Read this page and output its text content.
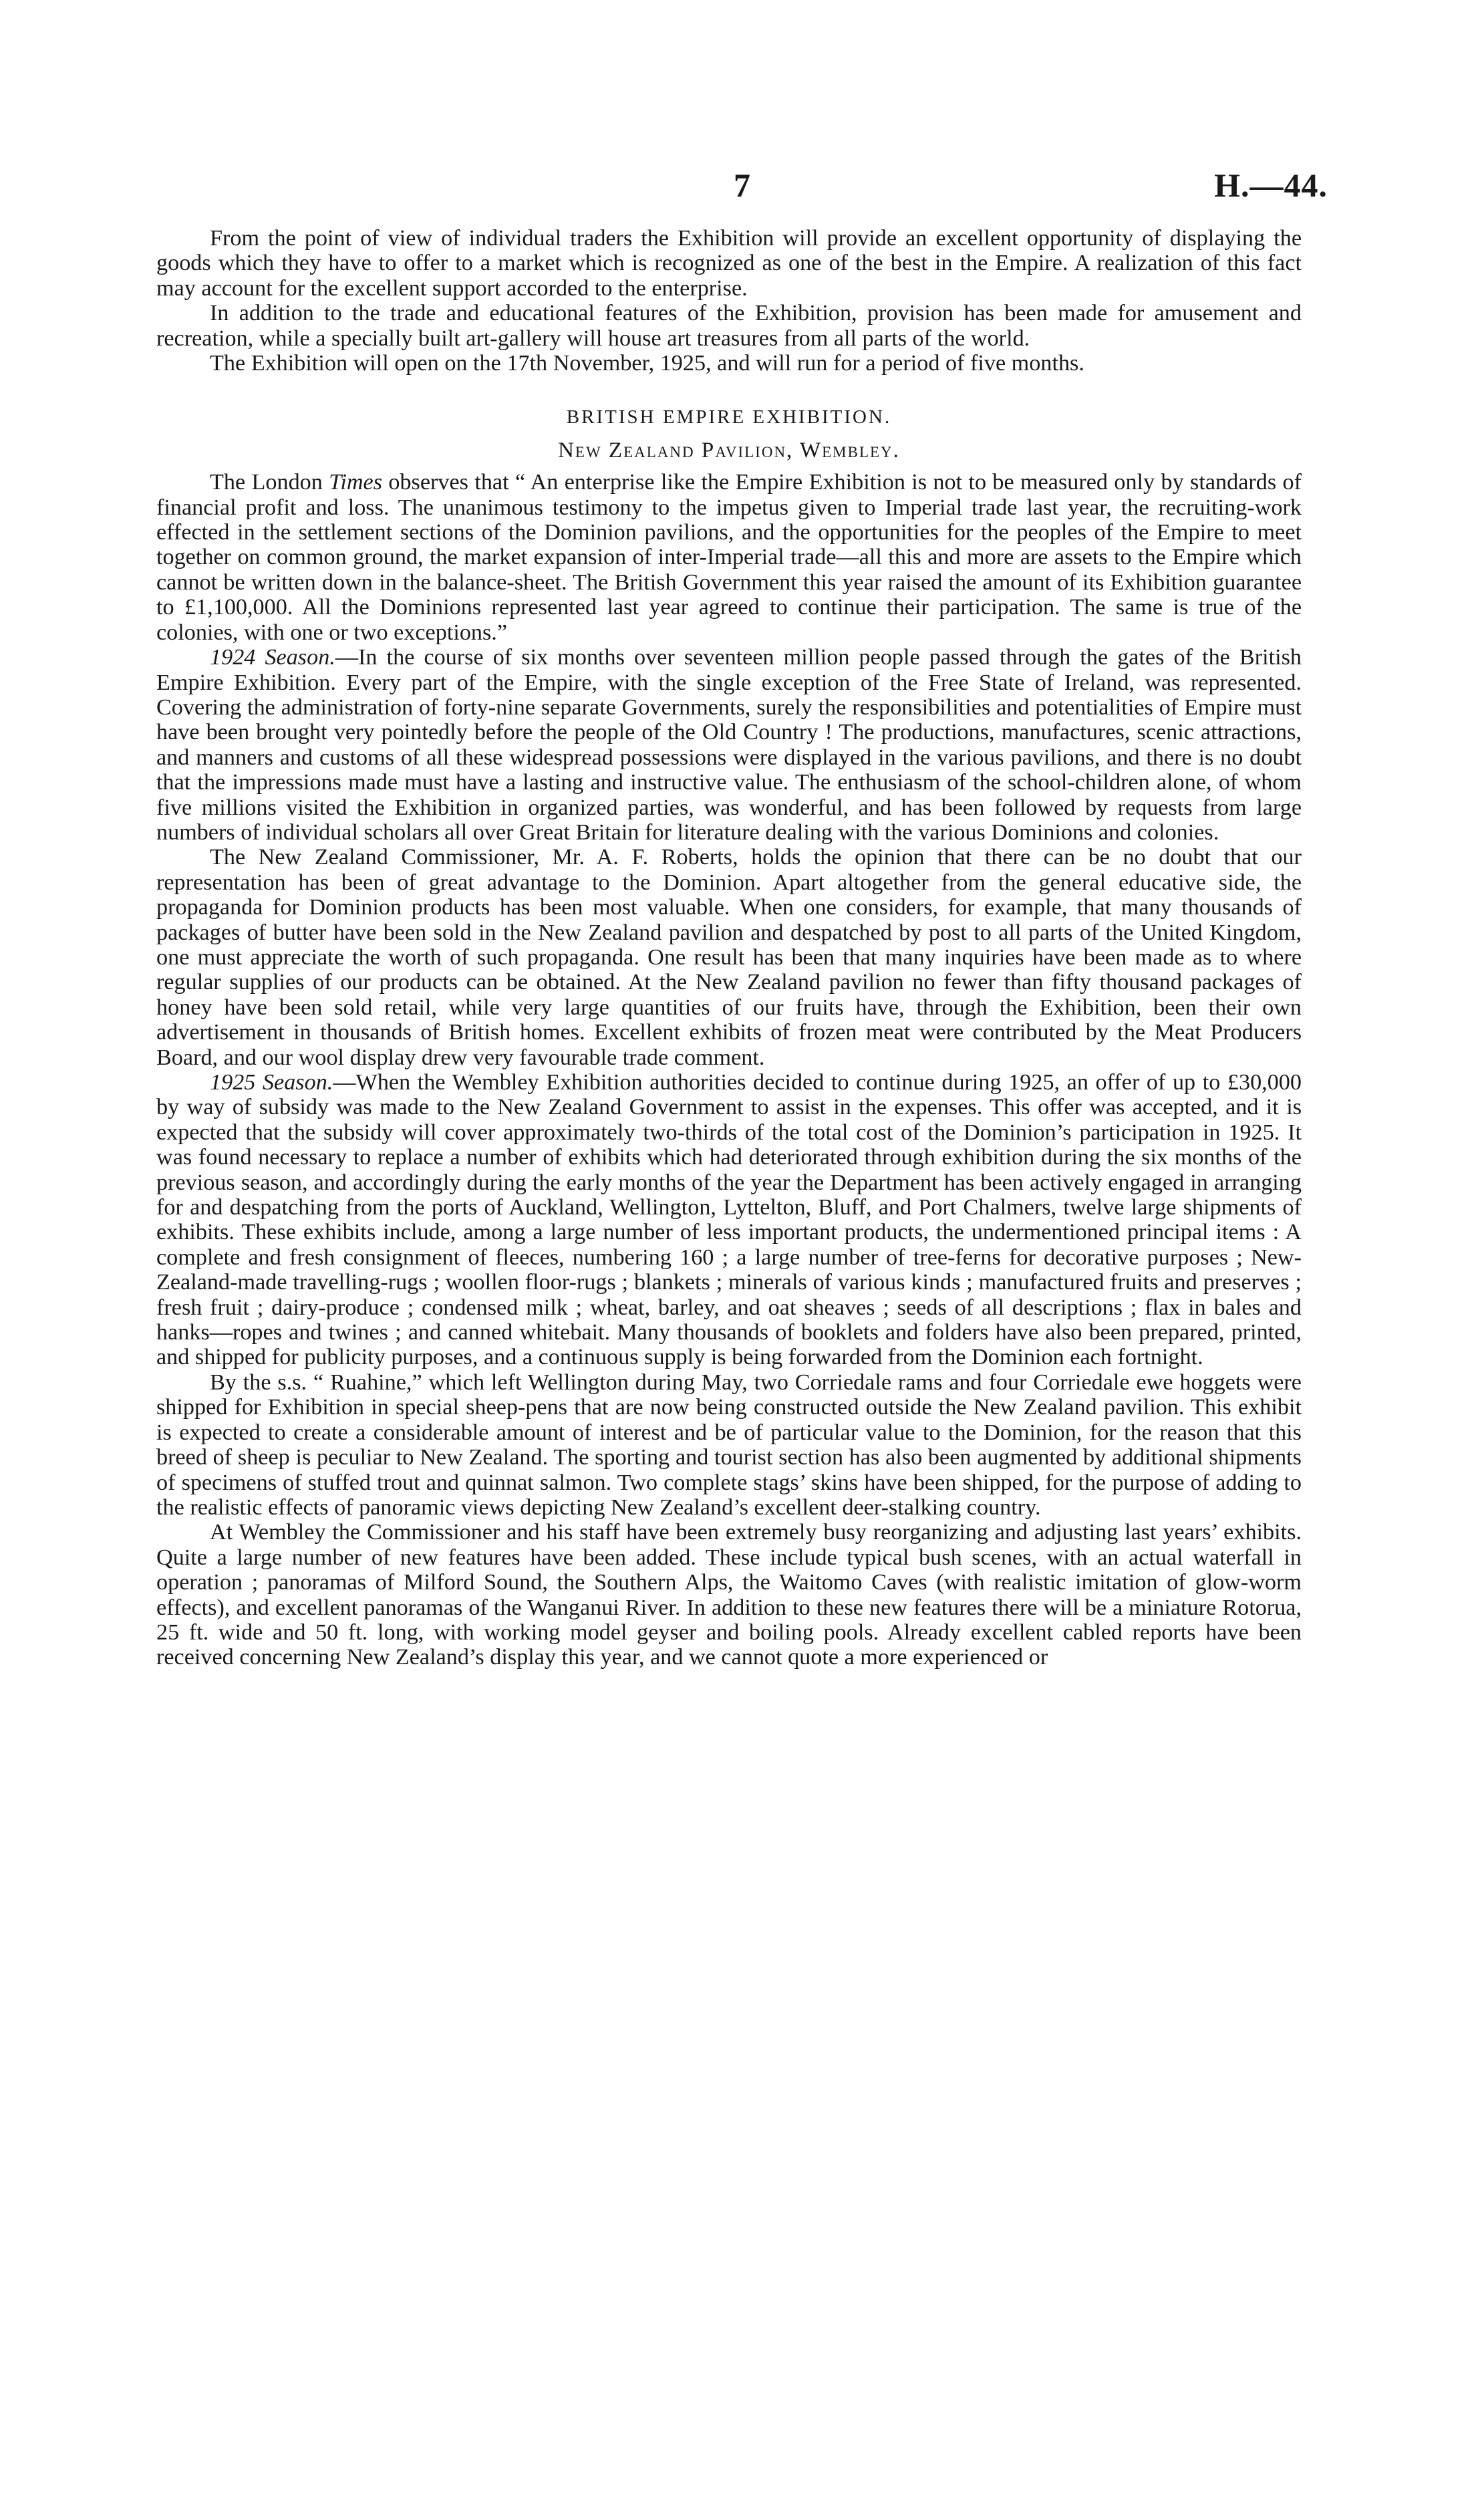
7	H.—44.

From the point of view of individual traders the Exhibition will provide an excellent opportunity of displaying the goods which they have to offer to a market which is recognized as one of the best in the Empire. A realization of this fact may account for the excellent support accorded to the enterprise.

In addition to the trade and educational features of the Exhibition, provision has been made for amusement and recreation, while a specially built art-gallery will house art treasures from all parts of the world.

The Exhibition will open on the 17th November, 1925, and will run for a period of five months.

BRITISH EMPIRE EXHIBITION.

New Zealand Pavilion, Wembley.

The London Times observes that “ An enterprise like the Empire Exhibition is not to be measured only by standards of financial profit and loss. The unanimous testimony to the impetus given to Imperial trade last year, the recruiting-work effected in the settlement sections of the Dominion pavilions, and the opportunities for the peoples of the Empire to meet together on common ground, the market expansion of inter-Imperial trade—all this and more are assets to the Empire which cannot be written down in the balance-sheet. The British Government this year raised the amount of its Exhibition guarantee to £1,100,000. All the Dominions represented last year agreed to continue their participation. The same is true of the colonies, with one or two exceptions.”

1924 Season.—In the course of six months over seventeen million people passed through the gates of the British Empire Exhibition. Every part of the Empire, with the single exception of the Free State of Ireland, was represented. Covering the administration of forty-nine separate Governments, surely the responsibilities and potentialities of Empire must have been brought very pointedly before the people of the Old Country ! The productions, manufactures, scenic attractions, and manners and customs of all these widespread possessions were displayed in the various pavilions, and there is no doubt that the impressions made must have a lasting and instructive value. The enthusiasm of the school-children alone, of whom five millions visited the Exhibition in organized parties, was wonderful, and has been followed by requests from large numbers of individual scholars all over Great Britain for literature dealing with the various Dominions and colonies.

The New Zealand Commissioner, Mr. A. F. Roberts, holds the opinion that there can be no doubt that our representation has been of great advantage to the Dominion. Apart altogether from the general educative side, the propaganda for Dominion products has been most valuable. When one considers, for example, that many thousands of packages of butter have been sold in the New Zealand pavilion and despatched by post to all parts of the United Kingdom, one must appreciate the worth of such propaganda. One result has been that many inquiries have been made as to where regular supplies of our products can be obtained. At the New Zealand pavilion no fewer than fifty thousand packages of honey have been sold retail, while very large quantities of our fruits have, through the Exhibition, been their own advertisement in thousands of British homes. Excellent exhibits of frozen meat were contributed by the Meat Producers Board, and our wool display drew very favourable trade comment.

1925 Season.—When the Wembley Exhibition authorities decided to continue during 1925, an offer of up to £30,000 by way of subsidy was made to the New Zealand Government to assist in the expenses. This offer was accepted, and it is expected that the subsidy will cover approximately two-thirds of the total cost of the Dominion’s participation in 1925. It was found necessary to replace a number of exhibits which had deteriorated through exhibition during the six months of the previous season, and accordingly during the early months of the year the Department has been actively engaged in arranging for and despatching from the ports of Auckland, Wellington, Lyttelton, Bluff, and Port Chalmers, twelve large shipments of exhibits. These exhibits include, among a large number of less important products, the undermentioned principal items : A complete and fresh consignment of fleeces, numbering 160 ; a large number of tree-ferns for decorative purposes ; New-Zealand-made travelling-rugs ; woollen floor-rugs ; blankets ; minerals of various kinds ; manufactured fruits and preserves ; fresh fruit ; dairy-produce ; condensed milk ; wheat, barley, and oat sheaves ; seeds of all descriptions ; flax in bales and hanks—ropes and twines ; and canned whitebait. Many thousands of booklets and folders have also been prepared, printed, and shipped for publicity purposes, and a continuous supply is being forwarded from the Dominion each fortnight.

By the s.s. “ Ruahine,” which left Wellington during May, two Corriedale rams and four Corriedale ewe hoggets were shipped for Exhibition in special sheep-pens that are now being constructed outside the New Zealand pavilion. This exhibit is expected to create a considerable amount of interest and be of particular value to the Dominion, for the reason that this breed of sheep is peculiar to New Zealand. The sporting and tourist section has also been augmented by additional shipments of specimens of stuffed trout and quinnat salmon. Two complete stags’ skins have been shipped, for the purpose of adding to the realistic effects of panoramic views depicting New Zealand’s excellent deer-stalking country.

At Wembley the Commissioner and his staff have been extremely busy reorganizing and adjusting last years’ exhibits. Quite a large number of new features have been added. These include typical bush scenes, with an actual waterfall in operation ; panoramas of Milford Sound, the Southern Alps, the Waitomo Caves (with realistic imitation of glow-worm effects), and excellent panoramas of the Wanganui River. In addition to these new features there will be a miniature Rotorua, 25 ft. wide and 50 ft. long, with working model geyser and boiling pools. Already excellent cabled reports have been received concerning New Zealand’s display this year, and we cannot quote a more experienced or
